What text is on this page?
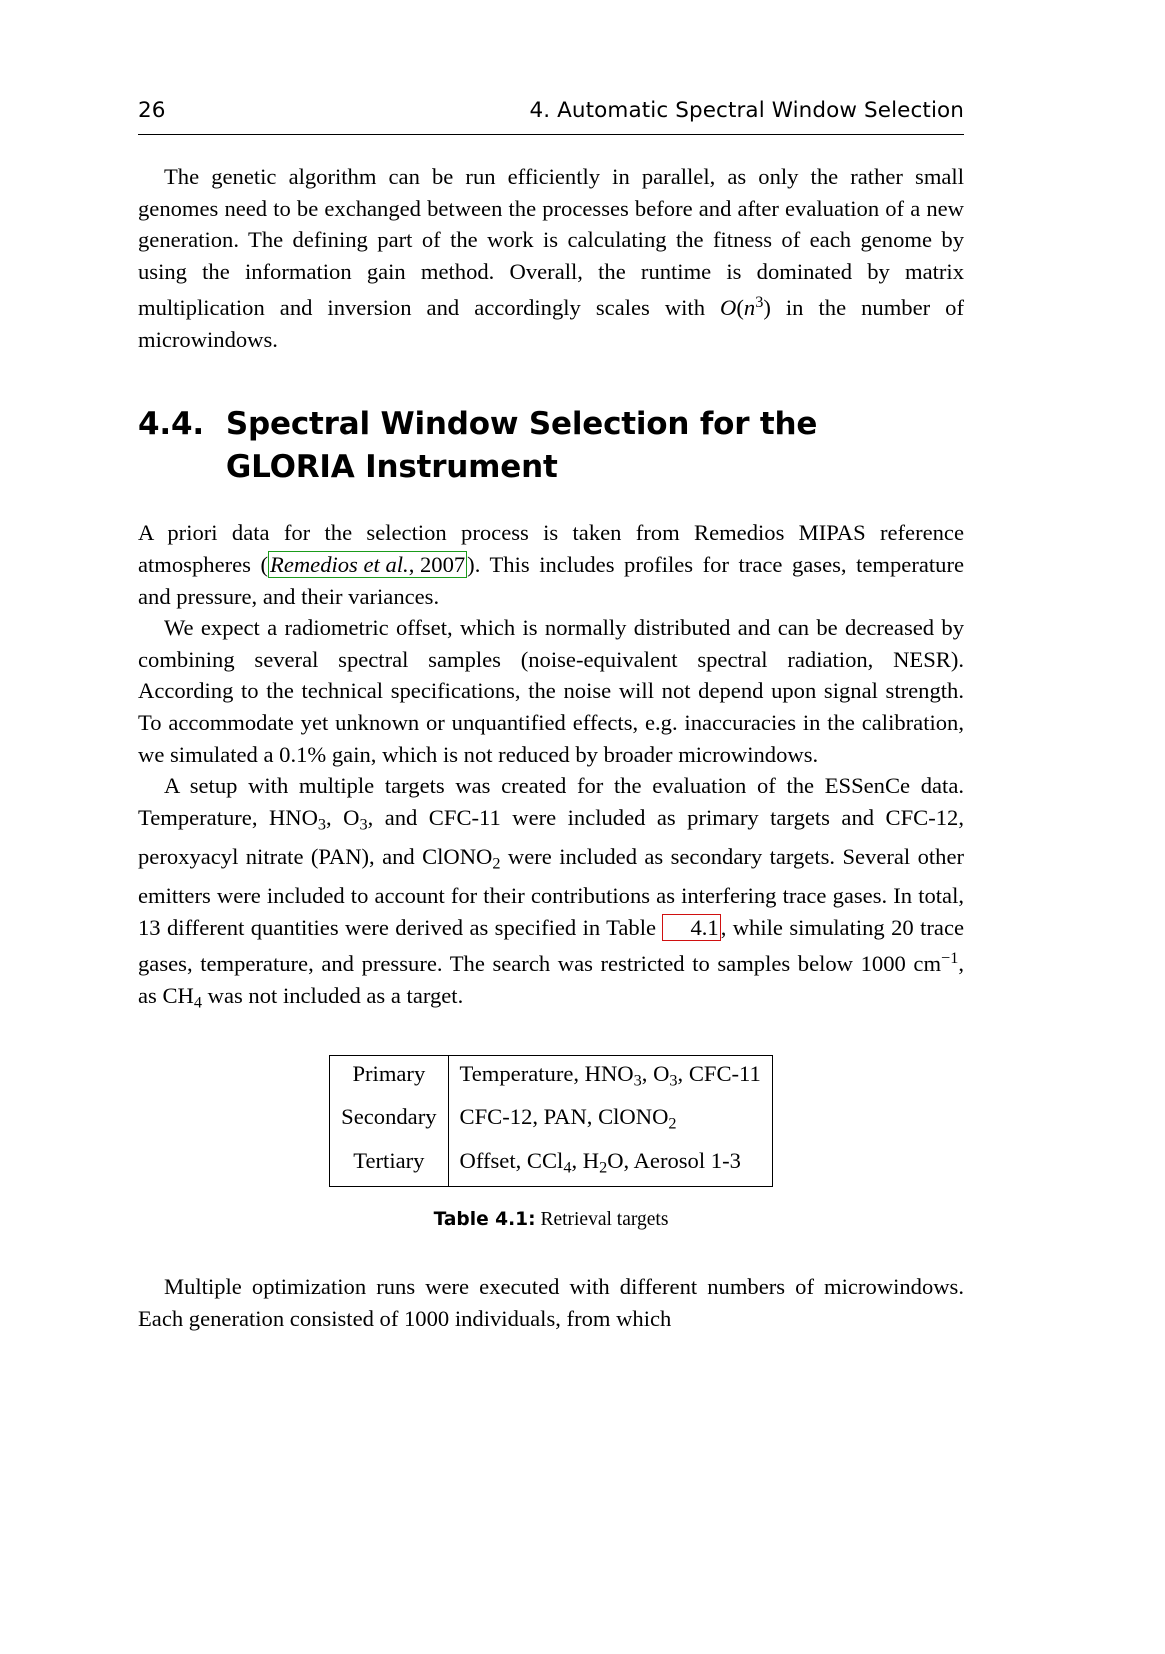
26	4. Automatic Spectral Window Selection

The genetic algorithm can be run efficiently in parallel, as only the rather small genomes need to be exchanged between the processes before and after evaluation of a new generation. The defining part of the work is calculating the fitness of each genome by using the information gain method. Overall, the runtime is dominated by matrix multiplication and inversion and accordingly scales with $O(n^3)$ in the number of microwindows.

4.4. Spectral Window Selection for the
GLORIA Instrument

A priori data for the selection process is taken from Remedios MIPAS reference atmospheres (Remedios et al., 2007). This includes profiles for trace gases, temperature and pressure, and their variances.

We expect a radiometric offset, which is normally distributed and can be decreased by combining several spectral samples (noise-equivalent spectral radiation, NESR). According to the technical specifications, the noise will not depend upon signal strength. To accommodate yet unknown or unquantified effects, e.g. inaccuracies in the calibration, we simulated a 0.1% gain, which is not reduced by broader microwindows.

A setup with multiple targets was created for the evaluation of the ESSenCe data. Temperature, $HNO_3$, $O_3$, and CFC-11 were included as primary targets and CFC-12, peroxyacyl nitrate (PAN), and ClONO$_2$ were included as secondary targets. Several other emitters were included to account for their contributions as interfering trace gases. In total, 13 different quantities were derived as specified in Table 4.1, while simulating 20 trace gases, temperature, and pressure. The search was restricted to samples below 1000 $cm^{-1}$, as $CH_4$ was not included as a target.

Primary	Temperature, $HNO_3$, $O_3$, CFC-11
Secondary	CFC-12, PAN, ClONO$_2$
Tertiary	Offset, CCl$_4$, $H_2O$, Aerosol 1-3
Table 4.1: Retrieval targets

Multiple optimization runs were executed with different numbers of microwindows. Each generation consisted of 1000 individuals, from which
